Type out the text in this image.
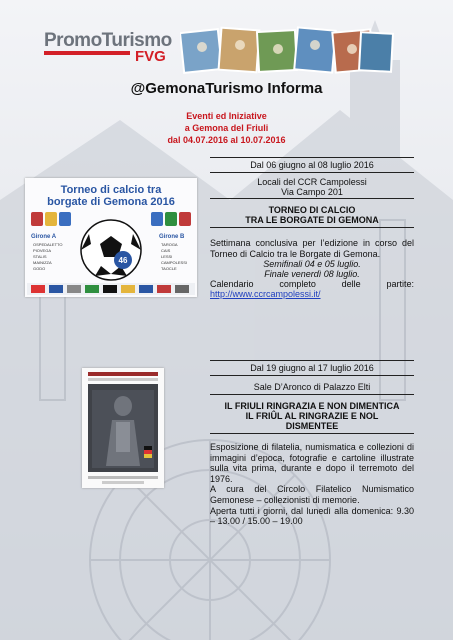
PromoTurismo
FVG
@GemonaTurismo Informa
Eventi ed Iniziative
a Gemona del Friuli
dal 04.07.2016 al 10.07.2016
Dal 06 giugno al 08 luglio 2016
Locali del CCR Campolessi
Via Campo 201
TORNEO DI CALCIO
TRA LE BORGATE DI GEMONA
Settimana conclusiva per l’edizione in corso del Torneo di Calcio tra le Borgate di Gemona.
Semifinali 04 e 05 luglio.
Finale venerdì 08 luglio.
Calendario completo delle partite:
http://www.ccrcampolessi.it/
Torneo di calcio tra
borgate di Gemona 2016
Girone A
OSPEDALETTO
PIOVEGA
STALIS
MAINIZZA
GODO
Girone B
TAROGA
CAIS
LESSI
CAMPOLESSI
TAOCLE
46
Dal 19 giugno al 17 luglio 2016
Sale D’Aronco di Palazzo Elti
IL FRIULI RINGRAZIA E NON DIMENTICA
IL FRIÛL AL RINGRAZIE E NOL
DISMENTEE
Esposizione di filatelia, numismatica e collezioni di immagini d’epoca, fotografie e cartoline illustrate sulla vita prima, durante e dopo il terremoto del 1976.
A cura del Circolo Filatelico Numismatico Gemonese – collezionisti di memorie.
Aperta tutti i giorni, dal lunedì alla domenica: 9.30 – 13.00 / 15.00 – 19.00
